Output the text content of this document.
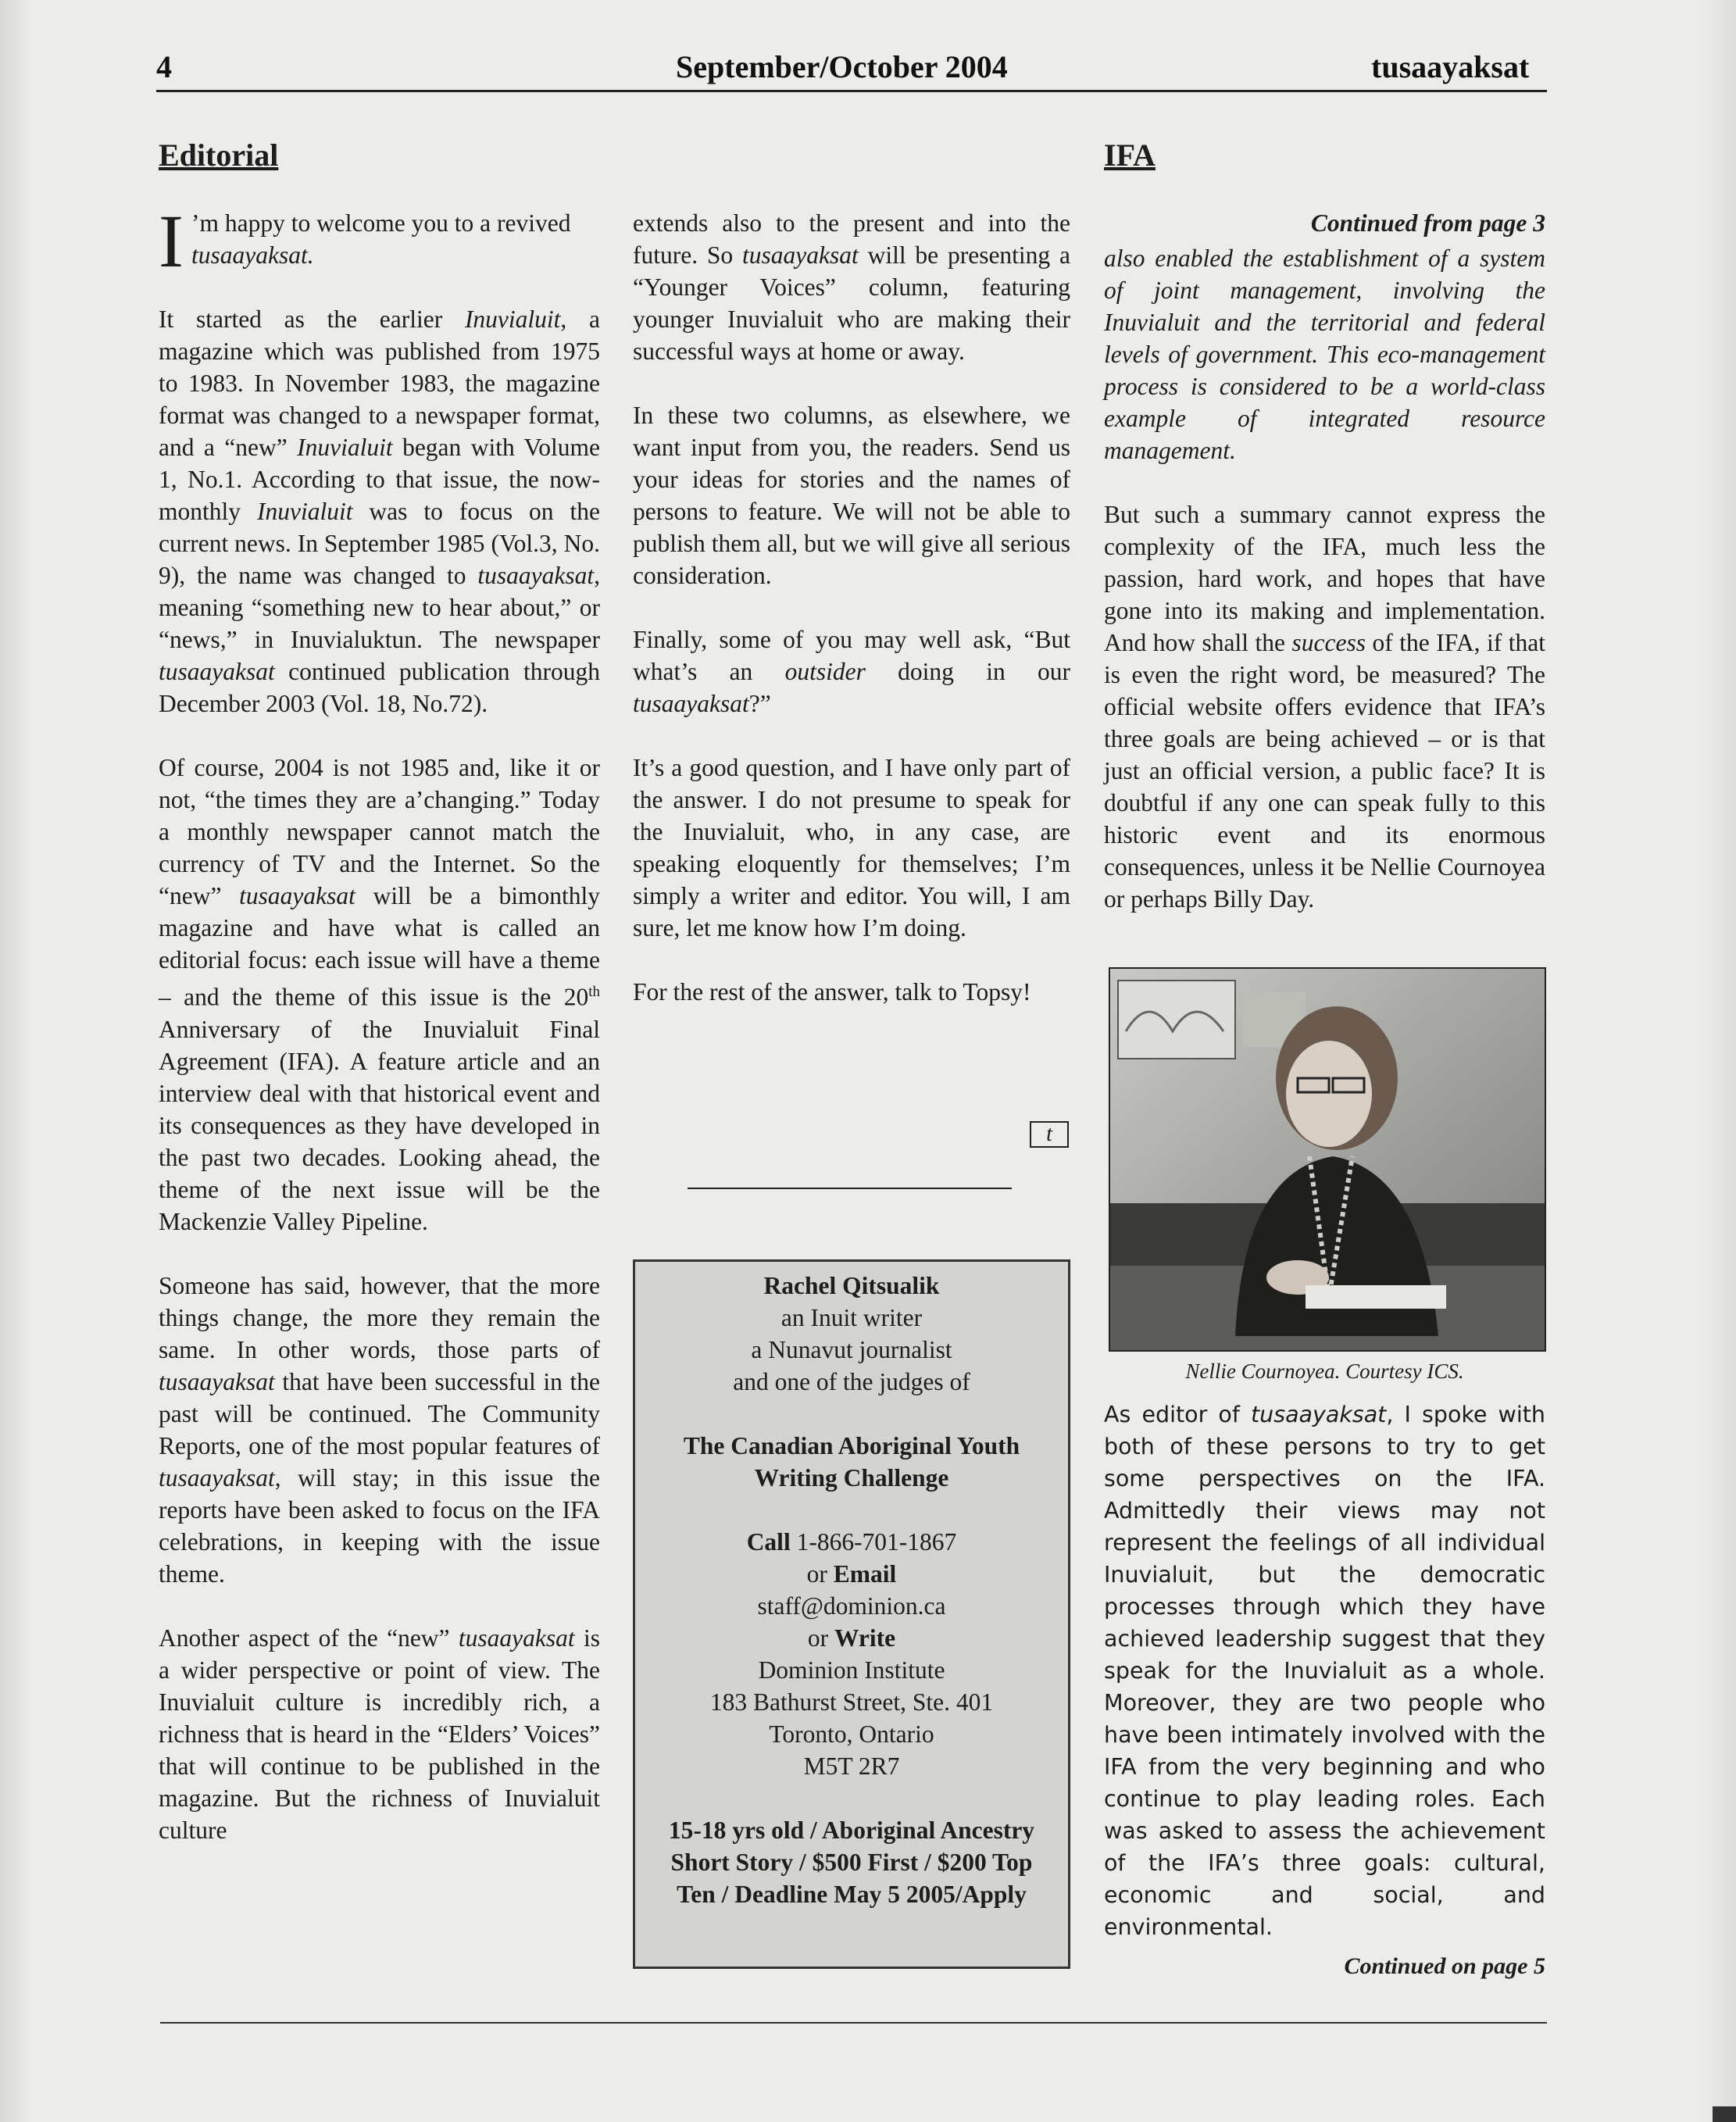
4	September/October 2004	tusaayaksat
Editorial	IFA

I ’m happy to welcome you to a revived tusaayaksat.

It started as the earlier Inuvialuit, a magazine which was published from 1975 to 1983. In November 1983, the magazine format was changed to a newspaper format, and a “new” Inuvialuit began with Volume 1, No.1. According to that issue, the now-monthly Inuvialuit was to focus on the current news. In September 1985 (Vol.3, No. 9), the name was changed to tusaayaksat, meaning “something new to hear about,” or “news,” in Inuvialuktun. The newspaper tusaayaksat continued publication through December 2003 (Vol. 18, No.72).

Of course, 2004 is not 1985 and, like it or not, “the times they are a’changing.” Today a monthly newspaper cannot match the currency of TV and the Internet. So the “new” tusaayaksat will be a bimonthly magazine and have what is called an editorial focus: each issue will have a theme – and the theme of this issue is the 20th Anniversary of the Inuvialuit Final Agreement (IFA). A feature article and an interview deal with that historical event and its consequences as they have developed in the past two decades. Looking ahead, the theme of the next issue will be the Mackenzie Valley Pipeline.

Someone has said, however, that the more things change, the more they remain the same. In other words, those parts of tusaayaksat that have been successful in the past will be continued. The Community Reports, one of the most popular features of tusaayaksat, will stay; in this issue the reports have been asked to focus on the IFA celebrations, in keeping with the issue theme.

Another aspect of the “new” tusaayaksat is a wider perspective or point of view. The Inuvialuit culture is incredibly rich, a richness that is heard in the “Elders’ Voices” that will continue to be published in the magazine. But the richness of Inuvialuit culture

extends also to the present and into the future. So tusaayaksat will be presenting a “Younger Voices” column, featuring younger Inuvialuit who are making their successful ways at home or away.

In these two columns, as elsewhere, we want input from you, the readers. Send us your ideas for stories and the names of persons to feature. We will not be able to publish them all, but we will give all serious consideration.

Finally, some of you may well ask, “But what’s an outsider doing in our tusaayaksat?”

It’s a good question, and I have only part of the answer. I do not presume to speak for the Inuvialuit, who, in any case, are speaking eloquently for themselves; I’m simply a writer and editor. You will, I am sure, let me know how I’m doing.

For the rest of the answer, talk to Topsy!

t
Rachel Qitsualik
an Inuit writer
a Nunavut journalist
and one of the judges of
The Canadian Aboriginal Youth
Writing Challenge
Call 1-866-701-1867
or Email
staff@dominion.ca
or Write
Dominion Institute
183 Bathurst Street, Ste. 401
Toronto, Ontario
M5T 2R7
15-18 yrs old / Aboriginal Ancestry
Short Story / $500 First / $200 Top
Ten / Deadline May 5 2005/Apply
Continued from page 3

also enabled the establishment of a system of joint management, involving the Inuvialuit and the territorial and federal levels of government. This eco-management process is considered to be a world-class example of integrated resource management.

But such a summary cannot express the complexity of the IFA, much less the passion, hard work, and hopes that have gone into its making and implementation. And how shall the success of the IFA, if that is even the right word, be measured? The official website offers evidence that IFA’s three goals are being achieved – or is that just an official version, a public face? It is doubtful if any one can speak fully to this historic event and its enormous consequences, unless it be Nellie Cournoyea or perhaps Billy Day.

Nellie Cournoyea. Courtesy ICS.

As editor of tusaayaksat, I spoke with both of these persons to try to get some perspectives on the IFA. Admittedly their views may not represent the feelings of all individual Inuvialuit, but the democratic processes through which they have achieved leadership suggest that they speak for the Inuvialuit as a whole. Moreover, they are two people who have been intimately involved with the IFA from the very beginning and who continue to play leading roles. Each was asked to assess the achievement of the IFA’s three goals: cultural, economic and social, and environmental.

Continued on page 5
